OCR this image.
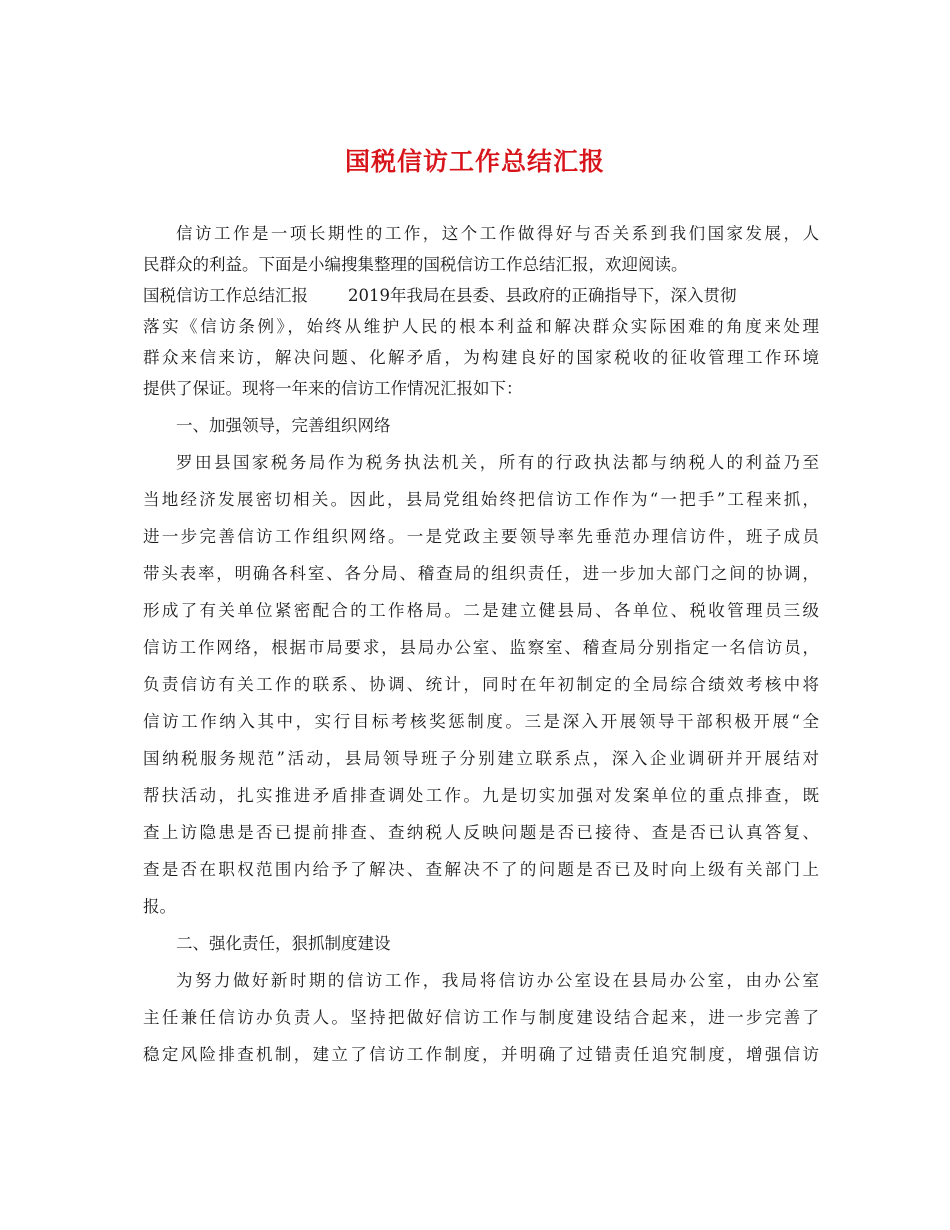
国税信访工作总结汇报
信访工作是一项长期性的工作，这个工作做得好与否关系到我们国家发展，人
民群众的利益。下面是小编搜集整理的国税信访工作总结汇报，欢迎阅读。
国税信访工作总结汇报 2019年我局在县委、县政府的正确指导下，深入贯彻
落实《信访条例》，始终从维护人民的根本利益和解决群众实际困难的角度来处理
群众来信来访，解决问题、化解矛盾，为构建良好的国家税收的征收管理工作环境
提供了保证。现将一年来的信访工作情况汇报如下：
一、加强领导，完善组织网络
罗田县国家税务局作为税务执法机关，所有的行政执法都与纳税人的利益乃至
当地经济发展密切相关。因此，县局党组始终把信访工作作为“一把手”工程来抓，
进一步完善信访工作组织网络。一是党政主要领导率先垂范办理信访件，班子成员
带头表率，明确各科室、各分局、稽查局的组织责任，进一步加大部门之间的协调，
形成了有关单位紧密配合的工作格局。二是建立健县局、各单位、税收管理员三级
信访工作网络，根据市局要求，县局办公室、监察室、稽查局分别指定一名信访员，
负责信访有关工作的联系、协调、统计，同时在年初制定的全局综合绩效考核中将
信访工作纳入其中，实行目标考核奖惩制度。三是深入开展领导干部积极开展“全
国纳税服务规范”活动，县局领导班子分别建立联系点，深入企业调研并开展结对
帮扶活动，扎实推进矛盾排查调处工作。九是切实加强对发案单位的重点排查，既
查上访隐患是否已提前排查、查纳税人反映问题是否已接待、查是否已认真答复、
查是否在职权范围内给予了解决、查解决不了的问题是否已及时向上级有关部门上
报。
二、强化责任，狠抓制度建设
为努力做好新时期的信访工作，我局将信访办公室设在县局办公室，由办公室
主任兼任信访办负责人。坚持把做好信访工作与制度建设结合起来，进一步完善了
稳定风险排查机制，建立了信访工作制度，并明确了过错责任追究制度，增强信访
